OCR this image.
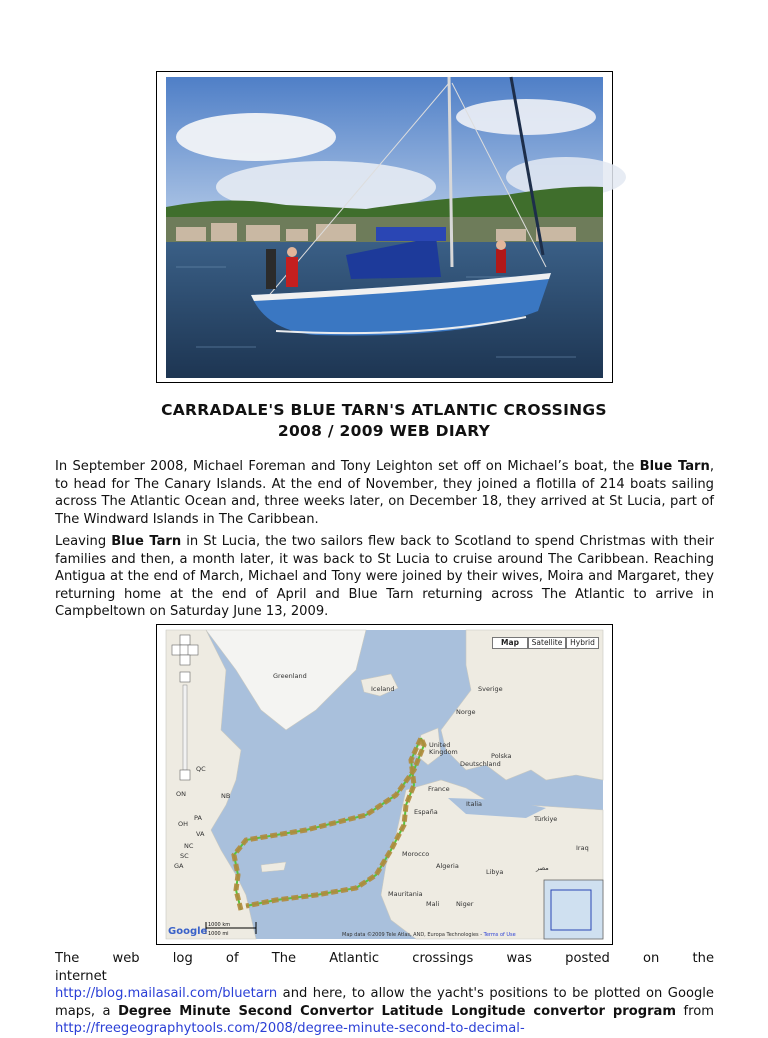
CARRADALE'S BLUE TARN'S ATLANTIC CROSSINGS
2008 / 2009 WEB DIARY

In September 2008, Michael Foreman and Tony Leighton set off on Michael’s boat, the Blue Tarn, to head for The Canary Islands. At the end of November, they joined a flotilla of 214 boats sailing across The Atlantic Ocean and, three weeks later, on December 18, they arrived at St Lucia, part of The Windward Islands in The Caribbean.

Leaving Blue Tarn in St Lucia, the two sailors flew back to Scotland to spend Christmas with their families and then, a month later, it was back to St Lucia to cruise around The Caribbean. Reaching Antigua at the end of March, Michael and Tony were joined by their wives, Moira and Margaret, they returning home at the end of April and Blue Tarn returning across The Atlantic to arrive in Campbeltown on Saturday June 13, 2009.

Greenland
Iceland	Sverige
Norge
United
Kingdom
Deutschland
Polska
France
España
Italia
Türkiye
Morocco
Algeria
Libya	مصر
Mauritania
Mali	Niger
QC
ON	NB
PA
OH
VA
NC
SC
GA
Iraq
Map	Satellite	Hybrid
Google
1000 km
1000 mi	Map data ©2009 Tele Atlas, AND, Europa Technologies - Terms of Use

The web log of The Atlantic crossings was posted on the internet
http://blog.mailasail.com/bluetarn and here, to allow the yacht's positions to be plotted on Google maps, a Degree Minute Second Convertor Latitude Longitude convertor program from http://freegeographytools.com/2008/degree-minute-second-to-decimal-
